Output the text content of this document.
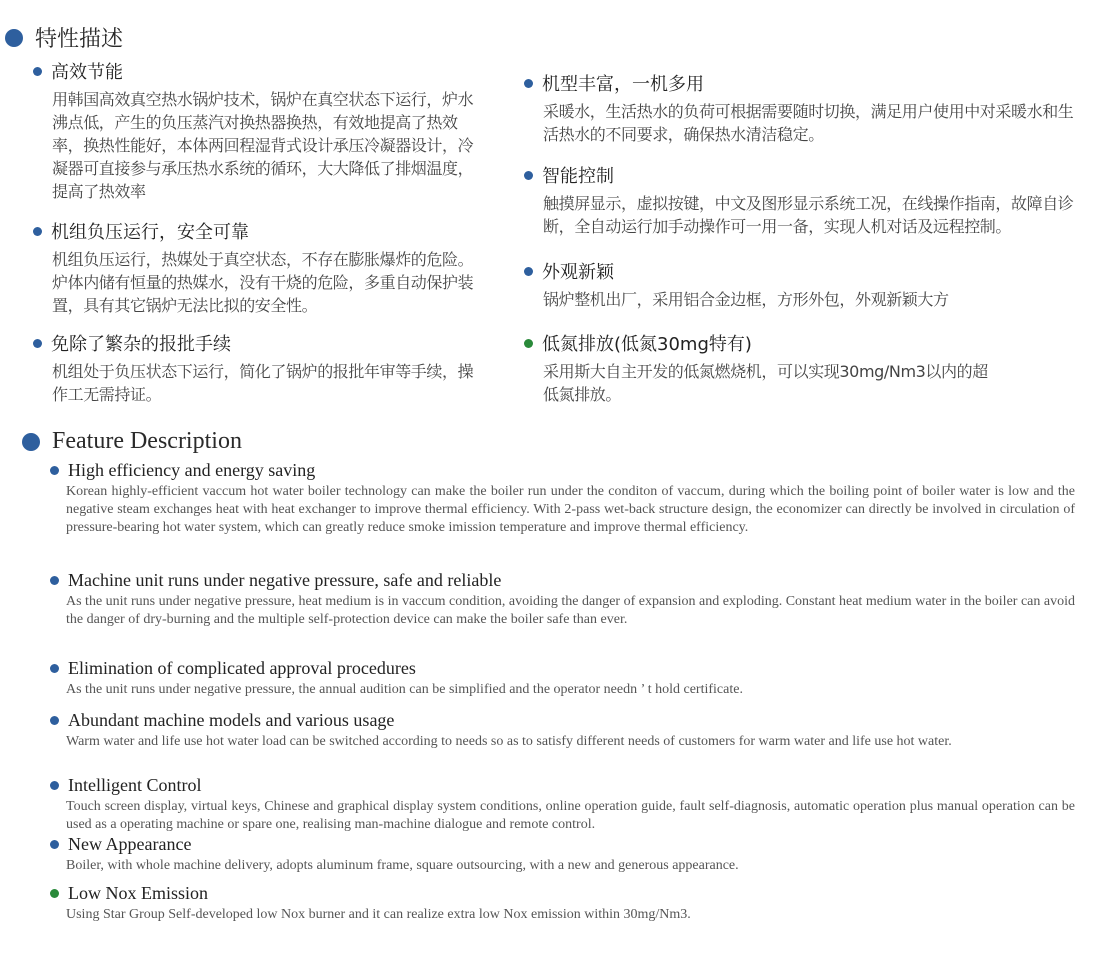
特性描述
高效节能
用韩国高效真空热水锅炉技术，锅炉在真空状态下运行，炉水沸点低，产生的负压蒸汽对换热器换热，有效地提高了热效率，换热性能好，本体两回程湿背式设计承压冷凝器设计，冷凝器可直接参与承压热水系统的循环，大大降低了排烟温度，提高了热效率
机组负压运行，安全可靠
机组负压运行，热媒处于真空状态，不存在膨胀爆炸的危险。炉体内储有恒量的热媒水，没有干烧的危险，多重自动保护装置，具有其它锅炉无法比拟的安全性。
免除了繁杂的报批手续
机组处于负压状态下运行，简化了锅炉的报批年审等手续，操作工无需持证。
机型丰富，一机多用
采暖水，生活热水的负荷可根据需要随时切换，满足用户使用中对采暖水和生活热水的不同要求，确保热水清洁稳定。
智能控制
触摸屏显示，虚拟按键，中文及图形显示系统工况，在线操作指南，故障自诊断，全自动运行加手动操作可一用一备，实现人机对话及远程控制。
外观新颖
锅炉整机出厂，采用铝合金边框，方形外包，外观新颖大方
低氮排放(低氮30mg特有)
采用斯大自主开发的低氮燃烧机，可以实现30mg/Nm3以内的超低氮排放。
Feature Description
High efficiency and energy saving
Korean highly-efficient vaccum hot water boiler technology can make the boiler run under the conditon of vaccum, during which the boiling point of boiler water is low and the negative steam exchanges heat with heat exchanger to improve thermal efficiency. With 2-pass wet-back structure design, the economizer can directly be involved in circulation of pressure-bearing hot water system, which can greatly reduce smoke imission temperature and improve thermal efficiency.
Machine unit runs under negative pressure, safe and reliable
As the unit runs under negative pressure, heat medium is in vaccum condition, avoiding the danger of expansion and exploding. Constant heat medium water in the boiler can avoid the danger of dry-burning and the multiple self-protection device can make the boiler safe than ever.
Elimination of complicated approval procedures
As the unit runs under negative pressure, the annual audition can be simplified and the operator needn ’ t hold certificate.
Abundant machine models and various usage
Warm water and life use hot water load can be switched according to needs so as to satisfy different needs of customers for warm water and life use hot water.
Intelligent Control
Touch screen display, virtual keys, Chinese and graphical display system conditions, online operation guide, fault self-diagnosis, automatic operation plus manual operation can be used as a operating machine or spare one, realising man-machine dialogue and remote control.
New Appearance
Boiler, with whole machine delivery, adopts aluminum frame, square outsourcing, with a new and generous appearance.
Low Nox Emission
Using Star Group Self-developed low Nox burner and it can realize extra low Nox emission within 30mg/Nm3.
